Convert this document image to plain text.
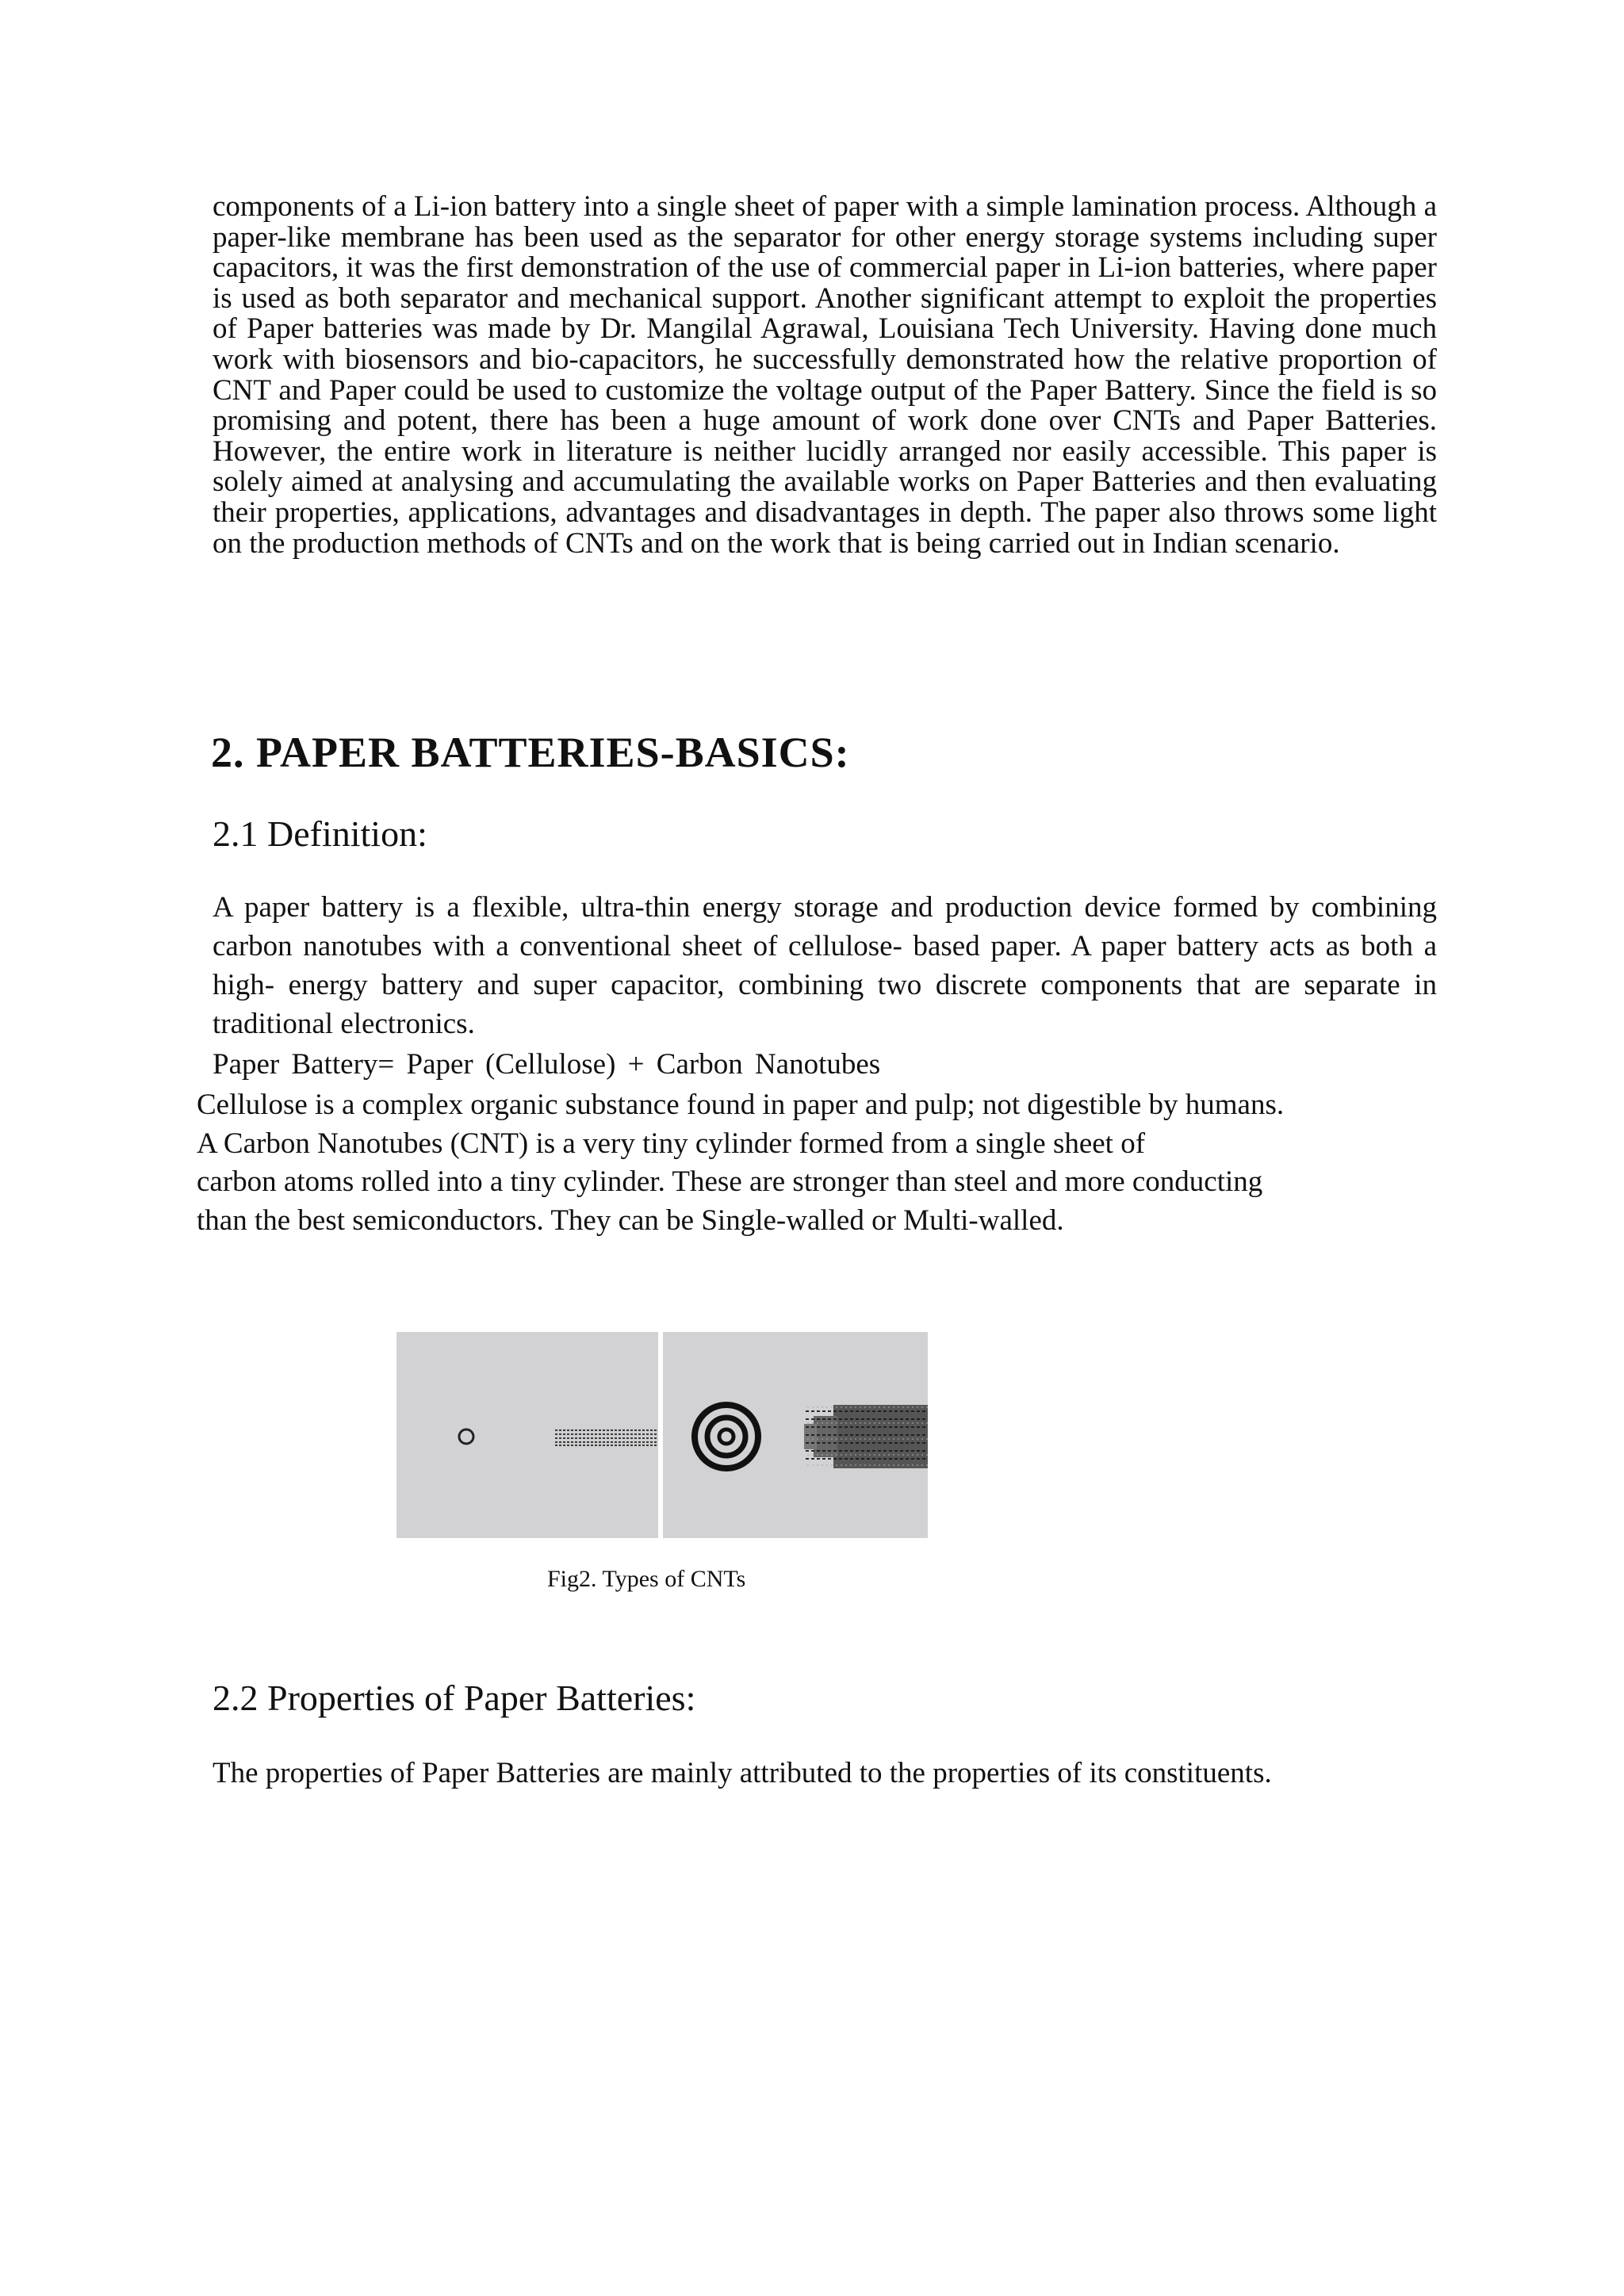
components of a Li-ion battery into a single sheet of paper with a simple lamination process. Although a paper-like membrane has been used as the separator for other energy storage systems including super capacitors, it was the first demonstration of the use of commercial paper in Li-ion batteries, where paper is used as both separator and mechanical support. Another significant attempt to exploit the properties of Paper batteries was made by Dr. Mangilal Agrawal, Louisiana Tech University. Having done much work with biosensors and bio-capacitors, he successfully demonstrated how the relative proportion of CNT and Paper could be used to customize the voltage output of the Paper Battery. Since the field is so promising and potent, there has been a huge amount of work done over CNTs and Paper Batteries. However, the entire work in literature is neither lucidly arranged nor easily accessible. This paper is solely aimed at analysing and accumulating the available works on Paper Batteries and then evaluating their properties, applications, advantages and disadvantages in depth. The paper also throws some light on the production methods of CNTs and on the work that is being carried out in Indian scenario.

2. PAPER BATTERIES-BASICS:
2.1 Definition:

A paper battery is a flexible, ultra-thin energy storage and production device formed by combining carbon nanotubes with a conventional sheet of cellulose- based paper. A paper battery acts as both a high- energy battery and super capacitor, combining two discrete components that are separate in traditional electronics.

Paper Battery= Paper (Cellulose) + Carbon Nanotubes

Cellulose is a complex organic substance found in paper and pulp; not digestible by humans.
A Carbon Nanotubes (CNT) is a very tiny cylinder formed from a single sheet of
carbon atoms rolled into a tiny cylinder. These are stronger than steel and more conducting
than the best semiconductors. They can be Single-walled or Multi-walled.

Fig2. Types of CNTs

2.2 Properties of Paper Batteries:

The properties of Paper Batteries are mainly attributed to the properties of its constituents.
